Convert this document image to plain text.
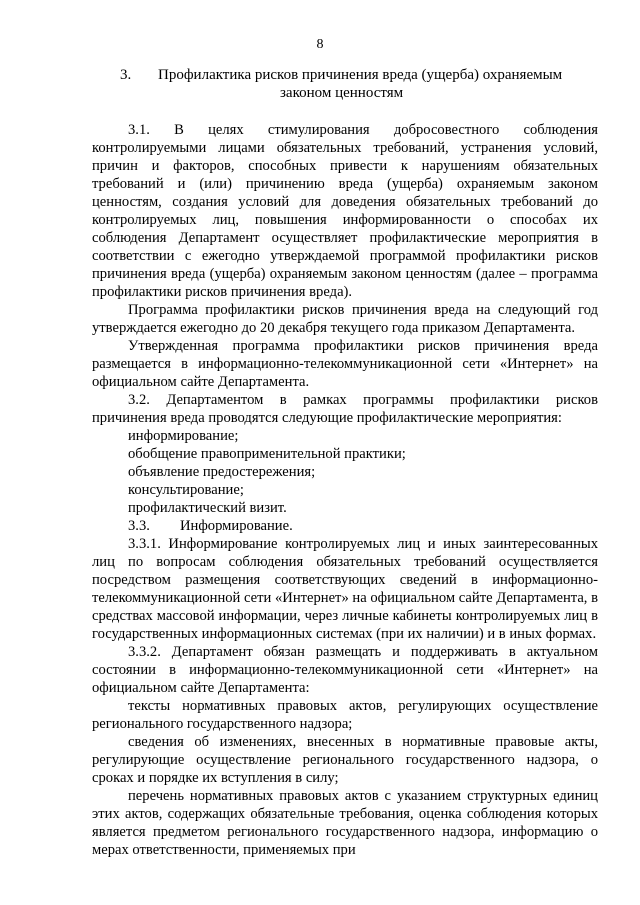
8
3.	Профилактика рисков причинения вреда (ущерба) охраняемым
законом ценностям

3.1. В целях стимулирования добросовестного соблюдения контролируемыми лицами обязательных требований, устранения условий, причин и факторов, способных привести к нарушениям обязательных требований и (или) причинению вреда (ущерба) охраняемым законом ценностям, создания условий для доведения обязательных требований до контролируемых лиц, повышения информированности о способах их соблюдения Департамент осуществляет профилактические мероприятия в соответствии с ежегодно утверждаемой программой профилактики рисков причинения вреда (ущерба) охраняемым законом ценностям (далее – программа профилактики рисков причинения вреда).

Программа профилактики рисков причинения вреда на следующий год утверждается ежегодно до 20 декабря текущего года приказом Департамента.

Утвержденная программа профилактики рисков причинения вреда размещается в информационно-телекоммуникационной сети «Интернет» на официальном сайте Департамента.

3.2. Департаментом в рамках программы профилактики рисков причинения вреда проводятся следующие профилактические мероприятия:

информирование;

обобщение правоприменительной практики;

объявление предостережения;

консультирование;

профилактический визит.

3.3. Информирование.

3.3.1. Информирование контролируемых лиц и иных заинтересованных лиц по вопросам соблюдения обязательных требований осуществляется посредством размещения соответствующих сведений в информационно-телекоммуникационной сети «Интернет» на официальном сайте Департамента, в средствах массовой информации, через личные кабинеты контролируемых лиц в государственных информационных системах (при их наличии) и в иных формах.

3.3.2. Департамент обязан размещать и поддерживать в актуальном состоянии в информационно-телекоммуникационной сети «Интернет» на официальном сайте Департамента:

тексты нормативных правовых актов, регулирующих осуществление регионального государственного надзора;

сведения об изменениях, внесенных в нормативные правовые акты, регулирующие осуществление регионального государственного надзора, о сроках и порядке их вступления в силу;

перечень нормативных правовых актов с указанием структурных единиц этих актов, содержащих обязательные требования, оценка соблюдения которых является предметом регионального государственного надзора, информацию о мерах ответственности, применяемых при
